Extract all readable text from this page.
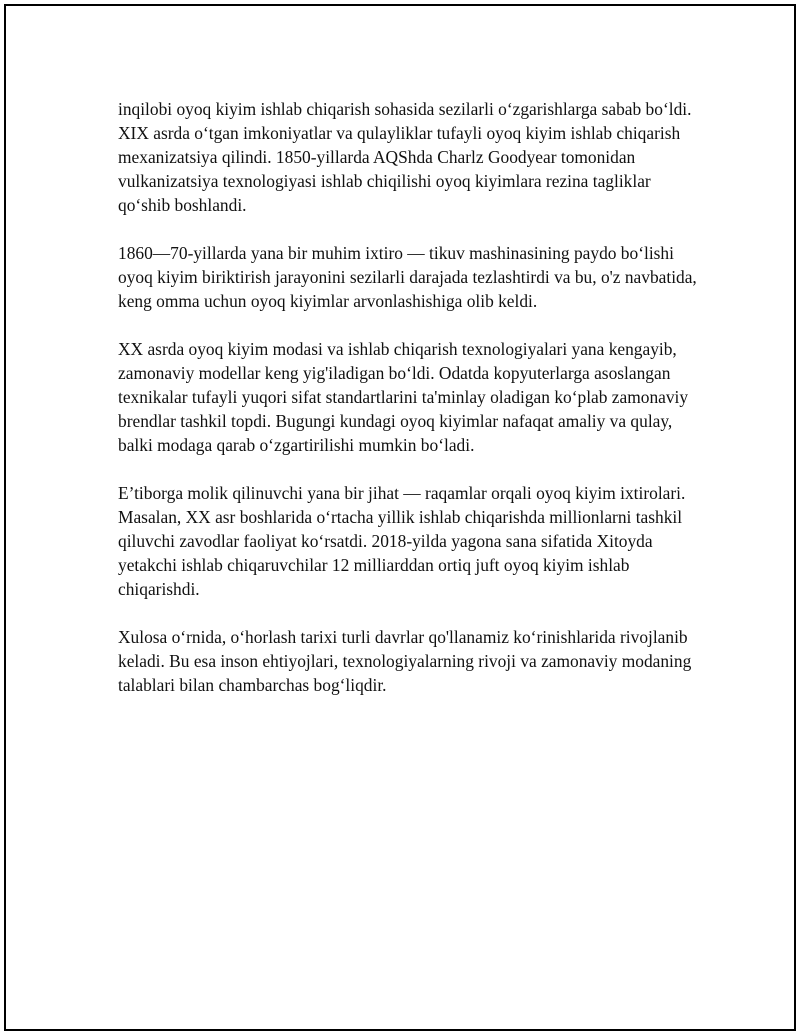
inqilobi oyoq kiyim ishlab chiqarish sohasida sezilarli o‘zgarishlarga sabab bo‘ldi. XIX asrda o‘tgan imkoniyatlar va qulayliklar tufayli oyoq kiyim ishlab chiqarish mexanizatsiya qilindi. 1850-yillarda AQShda Charlz Goodyear tomonidan vulkanizatsiya texnologiyasi ishlab chiqilishi oyoq kiyimlara rezina tagliklar qo‘shib boshlandi.

1860—70-yillarda yana bir muhim ixtiro — tikuv mashinasining paydo bo‘lishi oyoq kiyim biriktirish jarayonini sezilarli darajada tezlashtirdi va bu, o'z navbatida, keng omma uchun oyoq kiyimlar arvonlashishiga olib keldi.

XX asrda oyoq kiyim modasi va ishlab chiqarish texnologiyalari yana kengayib, zamonaviy modellar keng yig'iladigan bo‘ldi. Odatda kopyuterlarga asoslangan texnikalar tufayli yuqori sifat standartlarini ta'minlay oladigan ko‘plab zamonaviy brendlar tashkil topdi. Bugungi kundagi oyoq kiyimlar nafaqat amaliy va qulay, balki modaga qarab o‘zgartirilishi mumkin bo‘ladi.

E’tiborga molik qilinuvchi yana bir jihat — raqamlar orqali oyoq kiyim ixtirolari. Masalan, XX asr boshlarida o‘rtacha yillik ishlab chiqarishda millionlarni tashkil qiluvchi zavodlar faoliyat ko‘rsatdi. 2018-yilda yagona sana sifatida Xitoyda yetakchi ishlab chiqaruvchilar 12 milliarddan ortiq juft oyoq kiyim ishlab chiqarishdi.

Xulosa o‘rnida, o‘horlash tarixi turli davrlar qo'llanamiz ko‘rinishlarida rivojlanib keladi. Bu esa inson ehtiyojlari, texnologiyalarning rivoji va zamonaviy modaning talablari bilan chambarchas bog‘liqdir.
